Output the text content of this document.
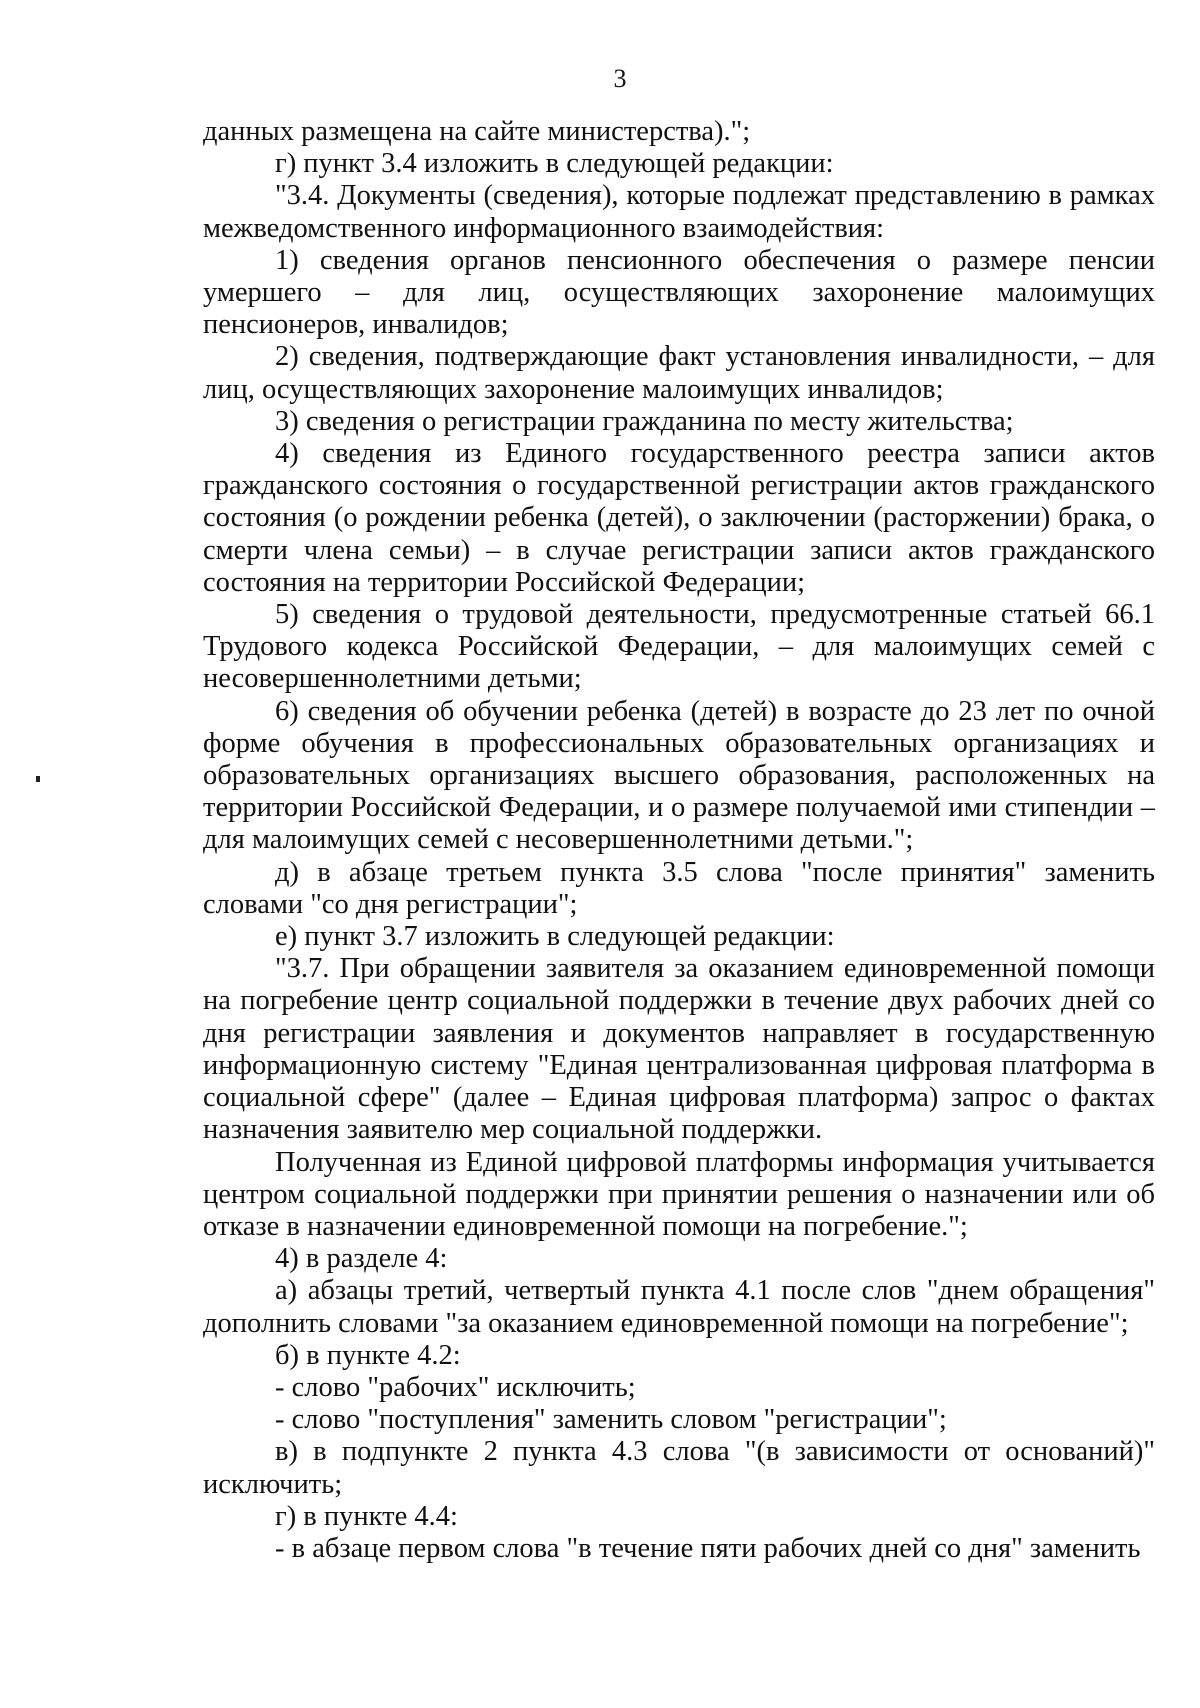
3

данных размещена на сайте министерства).";

г) пункт 3.4 изложить в следующей редакции:

"3.4. Документы (сведения), которые подлежат представлению в рамках межведомственного информационного взаимодействия:

1) сведения органов пенсионного обеспечения о размере пенсии умершего – для лиц, осуществляющих захоронение малоимущих пенсионеров, инвалидов;

2) сведения, подтверждающие факт установления инвалидности, – для лиц, осуществляющих захоронение малоимущих инвалидов;

3) сведения о регистрации гражданина по месту жительства;

4) сведения из Единого государственного реестра записи актов гражданского состояния о государственной регистрации актов гражданского состояния (о рождении ребенка (детей), о заключении (расторжении) брака, о смерти члена семьи) – в случае регистрации записи актов гражданского состояния на территории Российской Федерации;

5) сведения о трудовой деятельности, предусмотренные статьей 66.1 Трудового кодекса Российской Федерации, – для малоимущих семей с несовершеннолетними детьми;

6) сведения об обучении ребенка (детей) в возрасте до 23 лет по очной форме обучения в профессиональных образовательных организациях и образовательных организациях высшего образования, расположенных на территории Российской Федерации, и о размере получаемой ими стипендии – для малоимущих семей с несовершеннолетними детьми.";

д) в абзаце третьем пункта 3.5 слова "после принятия" заменить словами "со дня регистрации";

е) пункт 3.7 изложить в следующей редакции:

"3.7. При обращении заявителя за оказанием единовременной помощи на погребение центр социальной поддержки в течение двух рабочих дней со дня регистрации заявления и документов направляет в государственную информационную систему "Единая централизованная цифровая платформа в социальной сфере" (далее – Единая цифровая платформа) запрос о фактах назначения заявителю мер социальной поддержки.

Полученная из Единой цифровой платформы информация учитывается центром социальной поддержки при принятии решения о назначении или об отказе в назначении единовременной помощи на погребение.";

4) в разделе 4:

а) абзацы третий, четвертый пункта 4.1 после слов "днем обращения" дополнить словами "за оказанием единовременной помощи на погребение";

б) в пункте 4.2:

- слово "рабочих" исключить;

- слово "поступления" заменить словом "регистрации";

в) в подпункте 2 пункта 4.3 слова "(в зависимости от оснований)" исключить;

г) в пункте 4.4:

- в абзаце первом слова "в течение пяти рабочих дней со дня" заменить
